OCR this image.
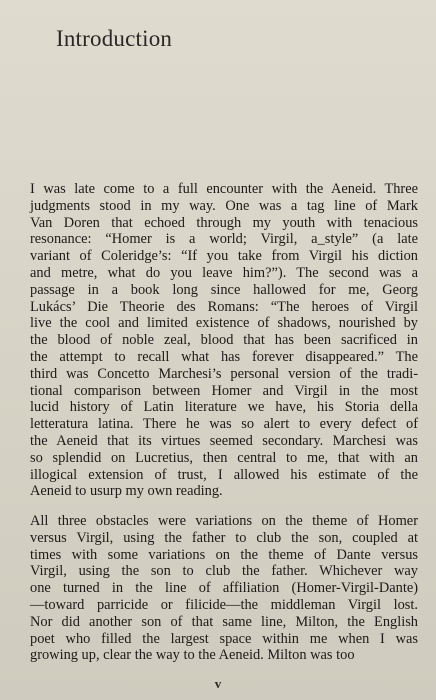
Introduction
I was late come to a full encounter with the Aeneid. Three
judgments stood in my way. One was a tag line of Mark
Van Doren that echoed through my youth with tenacious
resonance: “Homer is a world; Virgil, a_style” (a late
variant of Coleridge’s: “If you take from Virgil his diction
and metre, what do you leave him?”). The second was a
passage in a book long since hallowed for me, Georg
Lukács’ Die Theorie des Romans: “The heroes of Virgil
live the cool and limited existence of shadows, nourished by
the blood of noble zeal, blood that has been sacrificed in
the attempt to recall what has forever disappeared.” The
third was Concetto Marchesi’s personal version of the tradi-
tional comparison between Homer and Virgil in the most
lucid history of Latin literature we have, his Storia della
letteratura latina. There he was so alert to every defect of
the Aeneid that its virtues seemed secondary. Marchesi was
so splendid on Lucretius, then central to me, that with an
illogical extension of trust, I allowed his estimate of the
Aeneid to usurp my own reading.
All three obstacles were variations on the theme of Homer
versus Virgil, using the father to club the son, coupled at
times with some variations on the theme of Dante versus
Virgil, using the son to club the father. Whichever way
one turned in the line of affiliation (Homer-Virgil-Dante)
—toward parricide or filicide—the middleman Virgil lost.
Nor did another son of that same line, Milton, the English
poet who filled the largest space within me when I was
growing up, clear the way to the Aeneid. Milton was too
v
